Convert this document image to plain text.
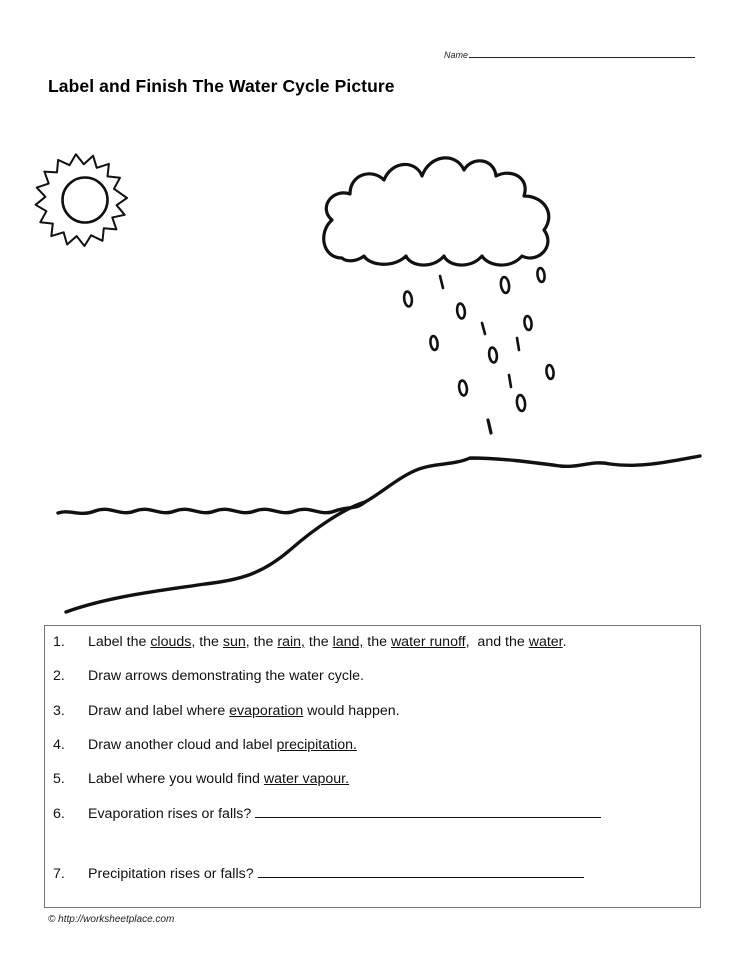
Name
Label and Finish The Water Cycle Picture
1. Label the clouds, the sun, the rain, the land, the water runoff,  and the water.
2. Draw arrows demonstrating the water cycle.
3. Draw and label where evaporation would happen.
4. Draw another cloud and label precipitation.
5. Label where you would find water vapour.
6. Evaporation rises or falls?
7. Precipitation rises or falls?
© http://worksheetplace.com
